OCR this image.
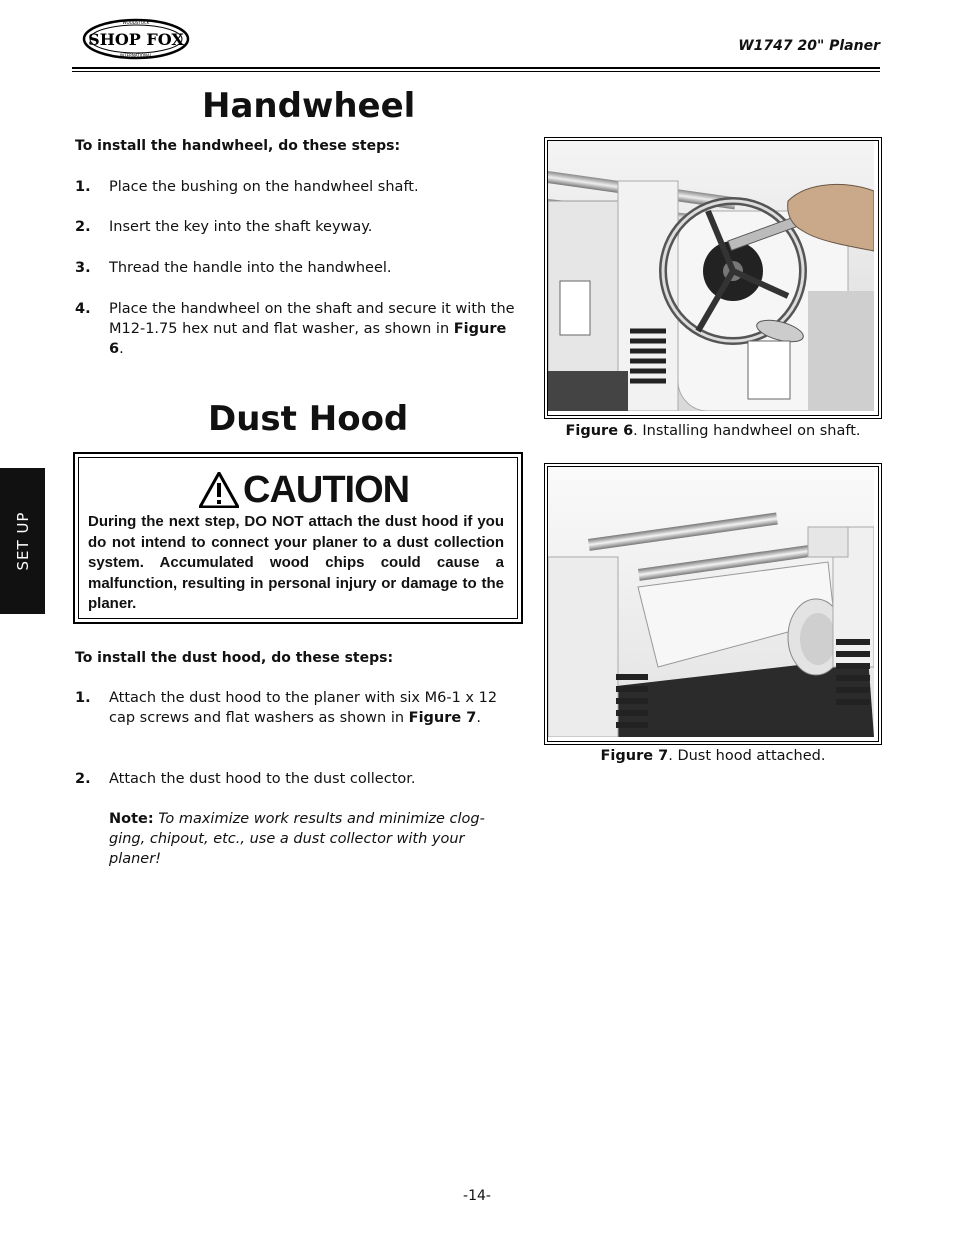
SHOP FOX
WOODSTOCK
INTERNATIONAL
W1747 20" Planer
SET UP
Handwheel
To install the handwheel, do these steps:
1. Place the bushing on the handwheel shaft.
2. Insert the key into the shaft keyway.
3. Thread the handle into the handwheel.
4. Place the handwheel on the shaft and secure it with the M12-1.75 hex nut and flat washer, as shown in Figure 6.
Dust Hood
CAUTION
During the next step, DO NOT attach the dust hood if you do not intend to connect your planer to a dust collection system. Accumulated wood chips could cause a malfunction, resulting in personal injury or damage to the planer.
To install the dust hood, do these steps:
1. Attach the dust hood to the planer with six M6-1 x 12 cap screws and flat washers as shown in Figure 7.
2. Attach the dust hood to the dust collector.
Note: To maximize work results and minimize clog-ging, chipout, etc., use a dust collector with your planer!
Figure 6. Installing handwheel on shaft.
Figure 7. Dust hood attached.
-14-
